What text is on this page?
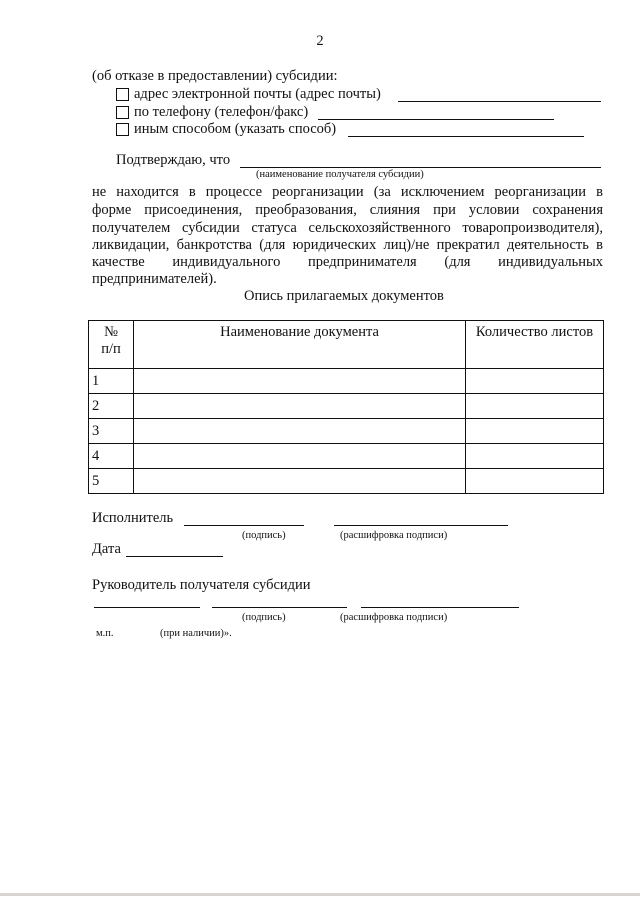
2
(об отказе в предоставлении) субсидии:
адрес электронной почты (адрес почты)
по телефону (телефон/факс)
иным способом (указать способ)
Подтверждаю, что
(наименование получателя субсидии)
не находится в процессе реорганизации (за исключением реорганизации в
форме присоединения, преобразования, слияния при условии сохранения
получателем субсидии статуса сельскохозяйственного товаропроизводителя),
ликвидации, банкротства (для юридических лиц)/не прекратил деятельность в
качестве индивидуального предпринимателя (для индивидуальных
предпринимателей).
Опись прилагаемых документов
№ п/п	Наименование документа	Количество листов
1		
2		
3		
4		
5		
Исполнитель
(подпись)	(расшифровка подписи)
Дата
Руководитель получателя субсидии
(подпись)	(расшифровка подписи)
м.п.	(при наличии)».
